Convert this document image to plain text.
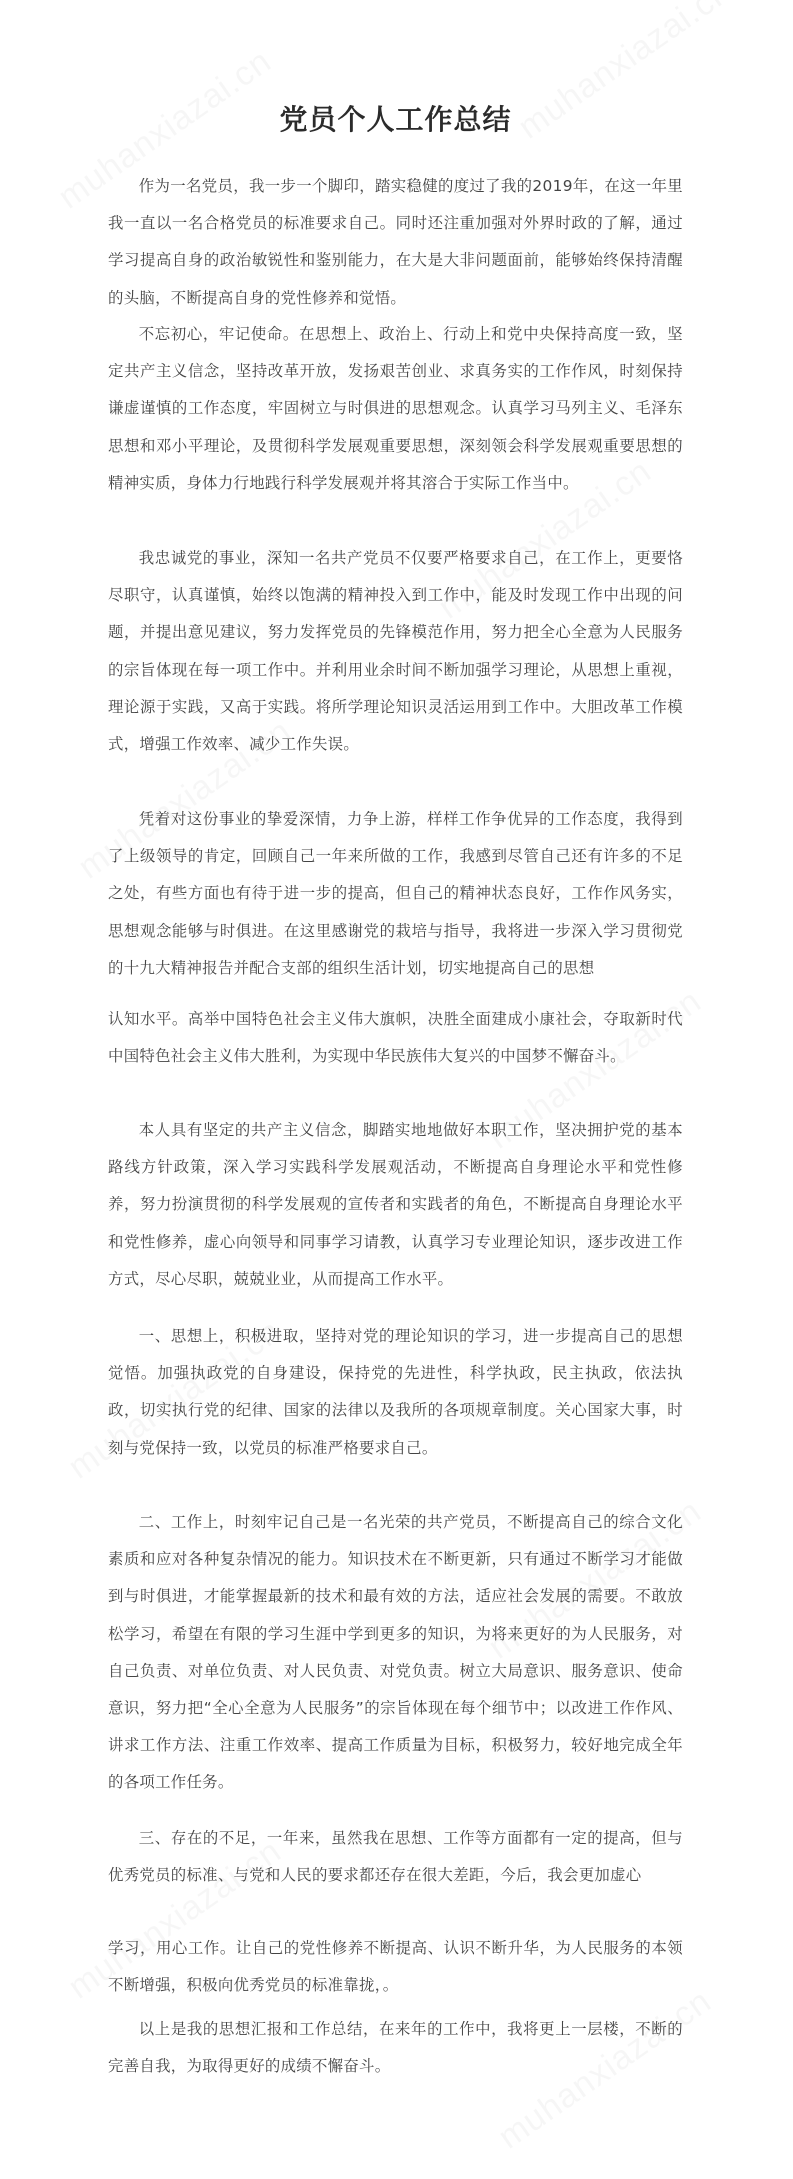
党员个人工作总结

作为一名党员，我一步一个脚印，踏实稳健的度过了我的2019年，在这一年里我一直以一名合格党员的标准要求自己。同时还注重加强对外界时政的了解，通过学习提高自身的政治敏锐性和鉴别能力，在大是大非问题面前，能够始终保持清醒的头脑，不断提高自身的党性修养和觉悟。

不忘初心，牢记使命。在思想上、政治上、行动上和党中央保持高度一致，坚定共产主义信念，坚持改革开放，发扬艰苦创业、求真务实的工作作风，时刻保持谦虚谨慎的工作态度，牢固树立与时俱进的思想观念。认真学习马列主义、毛泽东思想和邓小平理论，及贯彻科学发展观重要思想，深刻领会科学发展观重要思想的精神实质，身体力行地践行科学发展观并将其溶合于实际工作当中。

我忠诚党的事业，深知一名共产党员不仅要严格要求自己，在工作上，更要恪尽职守，认真谨慎，始终以饱满的精神投入到工作中，能及时发现工作中出现的问题，并提出意见建议，努力发挥党员的先锋模范作用，努力把全心全意为人民服务的宗旨体现在每一项工作中。并利用业余时间不断加强学习理论，从思想上重视，理论源于实践，又高于实践。将所学理论知识灵活运用到工作中。大胆改革工作模式，增强工作效率、减少工作失误。

凭着对这份事业的挚爱深情，力争上游，样样工作争优异的工作态度，我得到了上级领导的肯定，回顾自己一年来所做的工作，我感到尽管自己还有许多的不足之处，有些方面也有待于进一步的提高，但自己的精神状态良好，工作作风务实，思想观念能够与时俱进。在这里感谢党的栽培与指导，我将进一步深入学习贯彻党的十九大精神报告并配合支部的组织生活计划，切实地提高自己的思想

认知水平。高举中国特色社会主义伟大旗帜，决胜全面建成小康社会，夺取新时代中国特色社会主义伟大胜利，为实现中华民族伟大复兴的中国梦不懈奋斗。

本人具有坚定的共产主义信念，脚踏实地地做好本职工作，坚决拥护党的基本路线方针政策，深入学习实践科学发展观活动，不断提高自身理论水平和党性修养，努力扮演贯彻的科学发展观的宣传者和实践者的角色，不断提高自身理论水平和党性修养，虚心向领导和同事学习请教，认真学习专业理论知识，逐步改进工作方式，尽心尽职，兢兢业业，从而提高工作水平。

一、思想上，积极进取，坚持对党的理论知识的学习，进一步提高自己的思想觉悟。加强执政党的自身建设，保持党的先进性，科学执政，民主执政，依法执政，切实执行党的纪律、国家的法律以及我所的各项规章制度。关心国家大事，时刻与党保持一致，以党员的标准严格要求自己。

二、工作上，时刻牢记自己是一名光荣的共产党员，不断提高自己的综合文化素质和应对各种复杂情况的能力。知识技术在不断更新，只有通过不断学习才能做到与时俱进，才能掌握最新的技术和最有效的方法，适应社会发展的需要。不敢放松学习，希望在有限的学习生涯中学到更多的知识，为将来更好的为人民服务，对自己负责、对单位负责、对人民负责、对党负责。树立大局意识、服务意识、使命意识，努力把“全心全意为人民服务”的宗旨体现在每个细节中；以改进工作作风、讲求工作方法、注重工作效率、提高工作质量为目标，积极努力，较好地完成全年的各项工作任务。

三、存在的不足，一年来，虽然我在思想、工作等方面都有一定的提高，但与优秀党员的标准、与党和人民的要求都还存在很大差距，今后，我会更加虚心

学习，用心工作。让自己的党性修养不断提高、认识不断升华，为人民服务的本领不断增强，积极向优秀党员的标准靠拢，。

以上是我的思想汇报和工作总结，在来年的工作中，我将更上一层楼，不断的完善自我，为取得更好的成绩不懈奋斗。
